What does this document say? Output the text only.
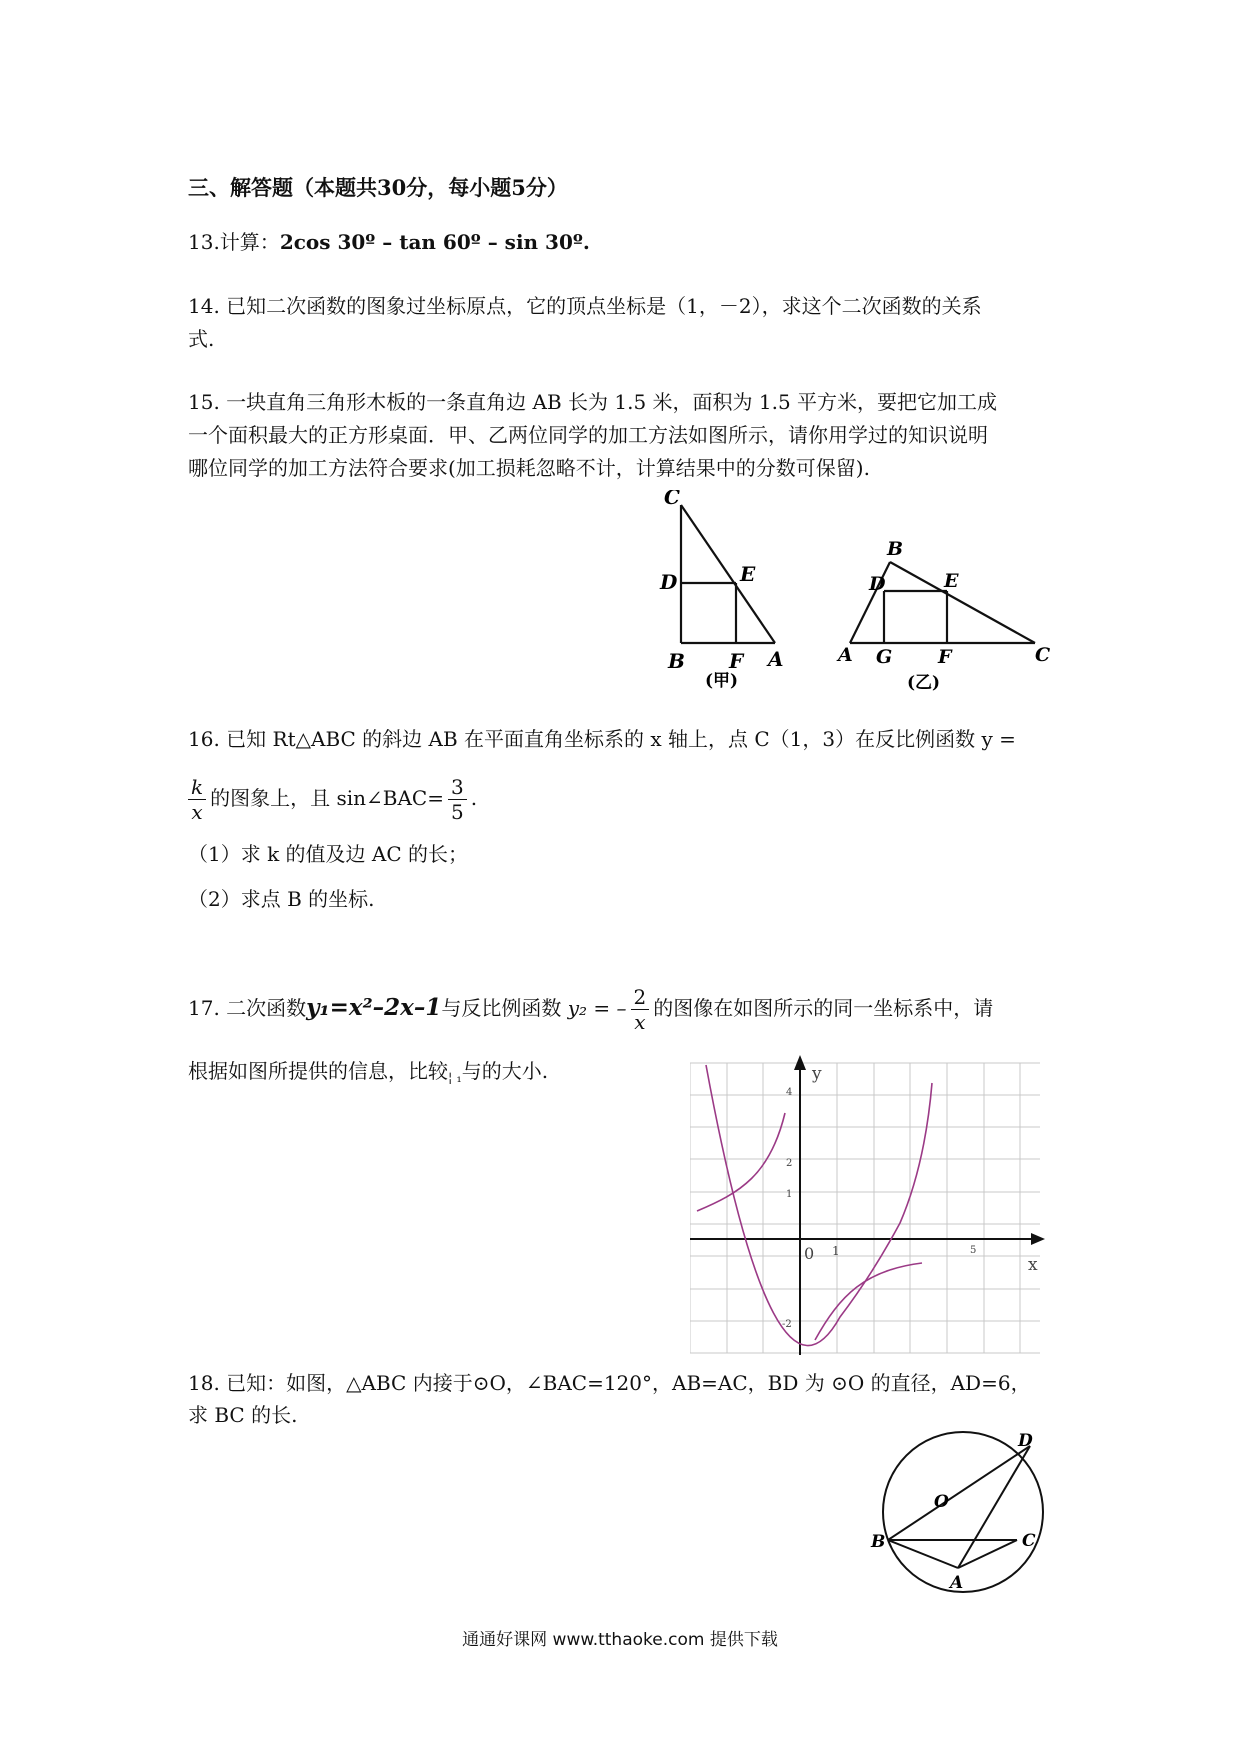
三、解答题（本题共30分，每小题5分）
13.计算：2cos 30º – tan 60º – sin 30º.
14. 已知二次函数的图象过坐标原点，它的顶点坐标是（1，－2），求这个二次函数的关系
式.
15. 一块直角三角形木板的一条直角边 AB 长为 1.5 米，面积为 1.5 平方米，要把它加工成
一个面积最大的正方形桌面．甲、乙两位同学的加工方法如图所示，请你用学过的知识说明
哪位同学的加工方法符合要求(加工损耗忽略不计，计算结果中的分数可保留).
C
D	E
B F A
(甲)
B
D	E
A G F	C
(乙)
16. 已知 Rt△ABC 的斜边 AB 在平面直角坐标系的 x 轴上，点 C（1，3）在反比例函数 y =
$\frac{k}{x}$ 的图象上，且 sin∠BAC= $\frac{3}{5}$ .
（1）求 k 的值及边 AC 的长；
（2）求点 B 的坐标.
17. 二次函数y₁=x²–2x–1与反比例函数 y₂ = – $\frac{2}{x}$ 的图像在如图所示的同一坐标系中，请
根据如图所提供的信息，比较$_{¦ _1}$与的大小.	y
x
0
4
2
1
-2
1	5
18. 已知：如图，△ABC 内接于⊙O，∠BAC=120°，AB=AC，BD 为 ⊙O 的直径，AD=6，
求 BC 的长.
D
O
B	C
A
通通好课网 www.tthaoke.com 提供下载
